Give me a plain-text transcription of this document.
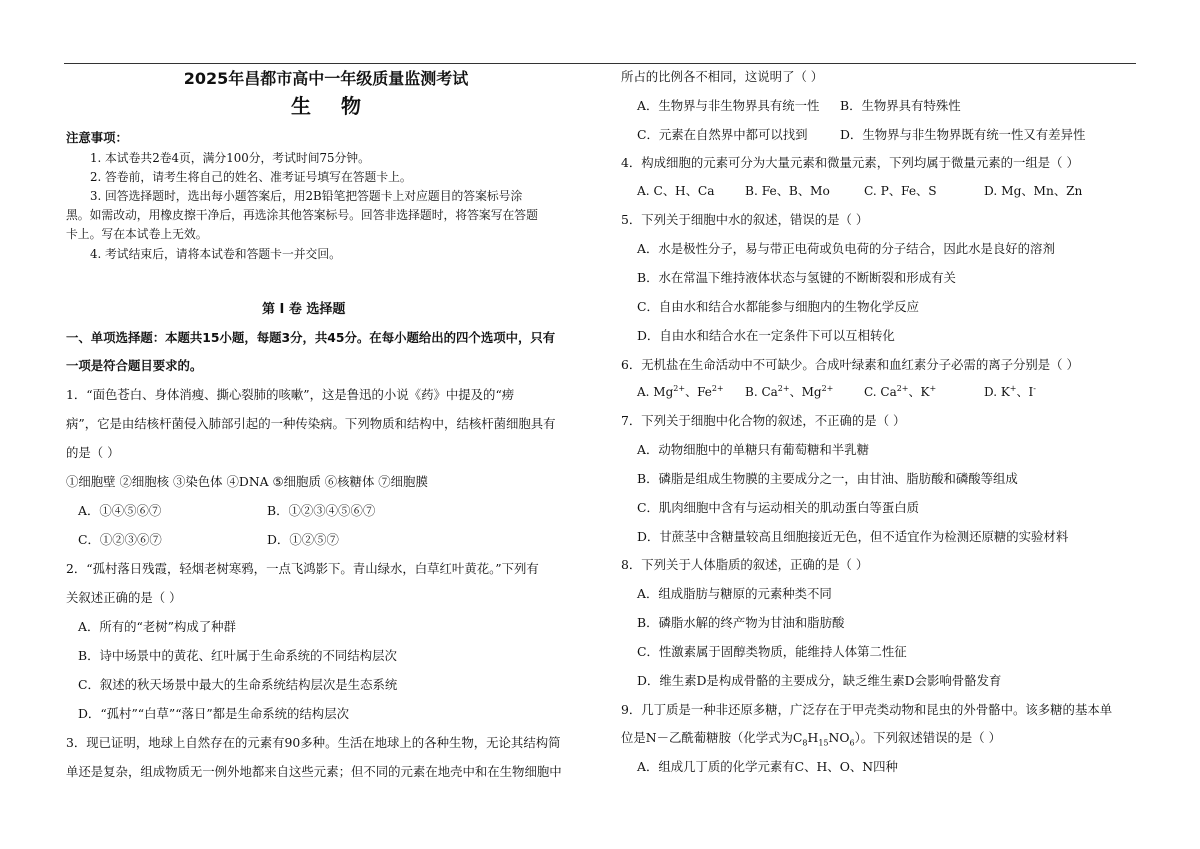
2025年昌都市高中一年级质量监测考试
生物
注意事项：
1. 本试卷共2卷4页，满分100分，考试时间75分钟。
2. 答卷前，请考生将自己的姓名、准考证号填写在答题卡上。
3. 回答选择题时，选出每小题答案后，用2B铅笔把答题卡上对应题目的答案标号涂
黑。如需改动，用橡皮擦干净后，再选涂其他答案标号。回答非选择题时，将答案写在答题
卡上。写在本试卷上无效。
4. 考试结束后，请将本试卷和答题卡一并交回。
第 Ⅰ 卷 选择题
一、单项选择题：本题共15小题，每题3分，共45分。在每小题给出的四个选项中，只有
一项是符合题目要求的。
1．“面色苍白、身体消瘦、撕心裂肺的咳嗽”，这是鲁迅的小说《药》中提及的“痨
病”，它是由结核杆菌侵入肺部引起的一种传染病。下列物质和结构中，结核杆菌细胞具有
的是（ ）
①细胞壁 ②细胞核 ③染色体 ④DNA ⑤细胞质 ⑥核糖体 ⑦细胞膜
A．①④⑤⑥⑦	B．①②③④⑤⑥⑦
C．①②③⑥⑦	D．①②⑤⑦
2．“孤村落日残霞，轻烟老树寒鸦，一点飞鸿影下。青山绿水，白草红叶黄花。”下列有
关叙述正确的是（ ）
A．所有的“老树”构成了种群
B．诗中场景中的黄花、红叶属于生命系统的不同结构层次
C．叙述的秋天场景中最大的生命系统结构层次是生态系统
D．“孤村”“白草”“落日”都是生命系统的结构层次
3．现已证明，地球上自然存在的元素有90多种。生活在地球上的各种生物，无论其结构简
单还是复杂，组成物质无一例外地都来自这些元素；但不同的元素在地壳中和在生物细胞中
所占的比例各不相同，这说明了（ ）
A．生物界与非生物界具有统一性 B．生物界具有特殊性
C．元素在自然界中都可以找到	D．生物界与非生物界既有统一性又有差异性
4．构成细胞的元素可分为大量元素和微量元素，下列均属于微量元素的一组是（ ）
A. C、H、Ca	B. Fe、B、Mo	C. P、Fe、S	D. Mg、Mn、Zn
5．下列关于细胞中水的叙述，错误的是（ ）
A．水是极性分子，易与带正电荷或负电荷的分子结合，因此水是良好的溶剂
B．水在常温下维持液体状态与氢键的不断断裂和形成有关
C．自由水和结合水都能参与细胞内的生物化学反应
D．自由水和结合水在一定条件下可以互相转化
6．无机盐在生命活动中不可缺少。合成叶绿素和血红素分子必需的离子分别是（ ）
A. $Mg^{2+}$、$Fe^{2+}$ B. $Ca^{2+}$、$Mg^{2+}$	C. $Ca^{2+}$、K+	D. K+、I-
7．下列关于细胞中化合物的叙述，不正确的是（ ）
A．动物细胞中的单糖只有葡萄糖和半乳糖
B．磷脂是组成生物膜的主要成分之一，由甘油、脂肪酸和磷酸等组成
C．肌肉细胞中含有与运动相关的肌动蛋白等蛋白质
D．甘蔗茎中含糖量较高且细胞接近无色，但不适宜作为检测还原糖的实验材料
8．下列关于人体脂质的叙述，正确的是（ ）
A．组成脂肪与糖原的元素种类不同
B．磷脂水解的终产物为甘油和脂肪酸
C．性激素属于固醇类物质，能维持人体第二性征
D．维生素D是构成骨骼的主要成分，缺乏维生素D会影响骨骼发育
9．几丁质是一种非还原多糖，广泛存在于甲壳类动物和昆虫的外骨骼中。该多糖的基本单
位是N－乙酰葡糖胺（化学式为$C_8H_{15}NO_6$）。下列叙述错误的是（ ）
A．组成几丁质的化学元素有C、H、O、N四种
